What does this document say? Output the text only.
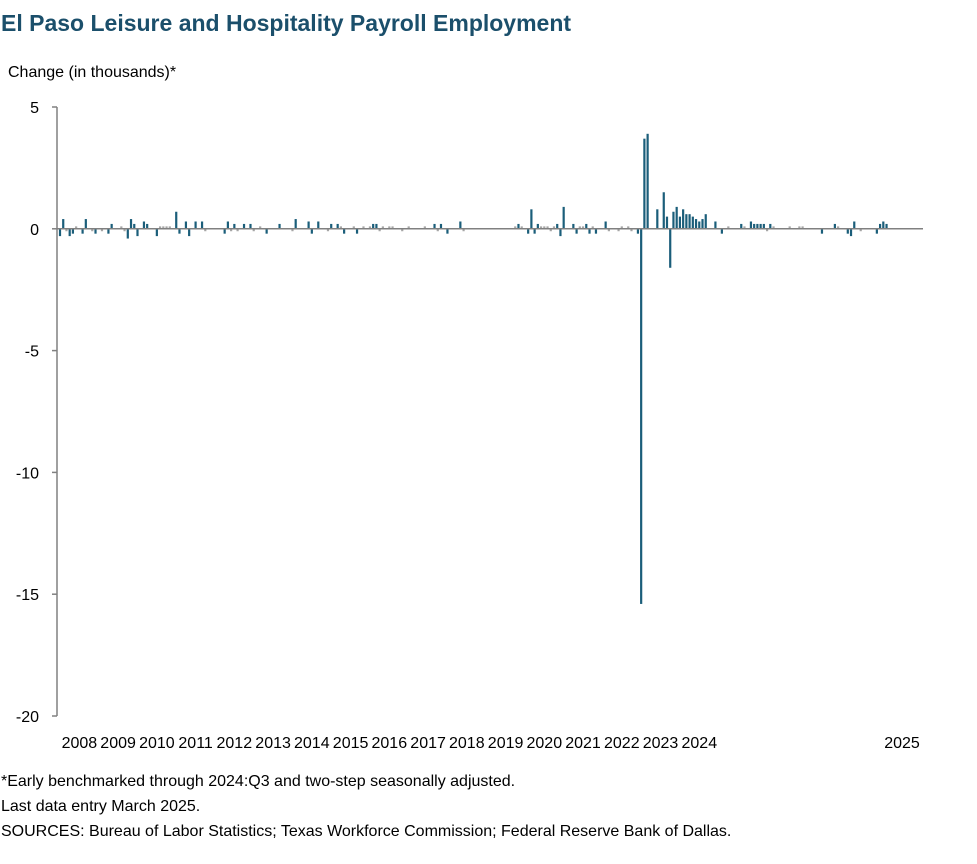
El Paso Leisure and Hospitality Payroll Employment
Change (in thousands)*
5
0
-5
-10
-15
-20
2008 2009 2010 2011 2012 2013 2014 2015 2016 2017 2018 2019 2020 2021 2022 2023 2024	2025
*Early benchmarked through 2024:Q3 and two-step seasonally adjusted.
Last data entry March 2025.
SOURCES: Bureau of Labor Statistics; Texas Workforce Commission; Federal Reserve Bank of Dallas.
